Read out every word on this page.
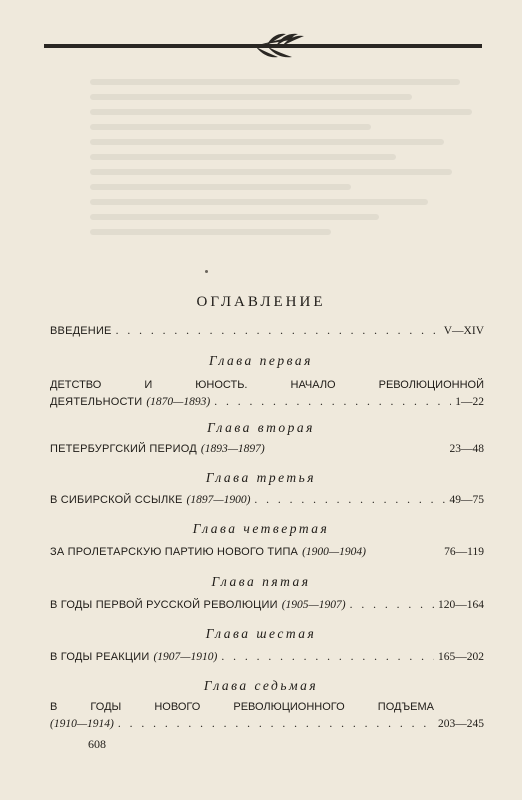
ОГЛАВЛЕНИЕ
ВВЕДЕНИЕ . . .	V—XIV
Глава первая
ДЕТСТВО И ЮНОСТЬ. НАЧАЛО РЕВОЛЮЦИОННОЙ
ДЕЯТЕЛЬНОСТИ (1870—1893) . . .	1—22
Глава вторая
ПЕТЕРБУРГСКИЙ ПЕРИОД (1893—1897)	23—48
Глава третья
В СИБИРСКОЙ ССЫЛКЕ (1897—1900) . . .	49—75
Глава четвертая
ЗА ПРОЛЕТАРСКУЮ ПАРТИЮ НОВОГО ТИПА (1900—1904)	76—119
Глава пятая
В ГОДЫ ПЕРВОЙ РУССКОЙ РЕВОЛЮЦИИ (1905—1907) . . .	120—164
Глава шестая
В ГОДЫ РЕАКЦИИ (1907—1910) . . .	165—202
Глава седьмая
В ГОДЫ НОВОГО РЕВОЛЮЦИОННОГО ПОДЪЕМА
(1910—1914) . . .	203—245
608
